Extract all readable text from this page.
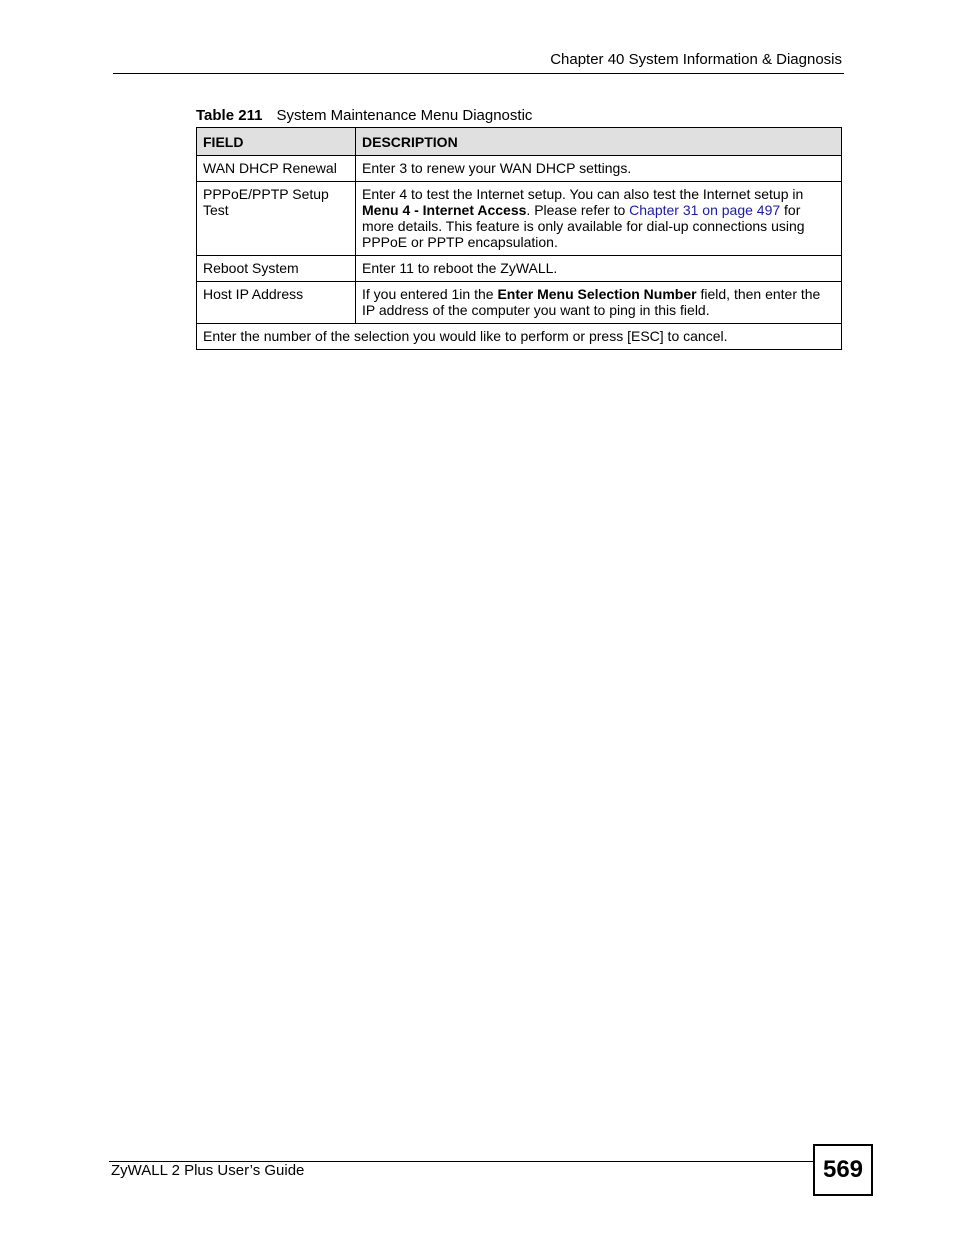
Chapter 40 System Information & Diagnosis
Table 211 System Maintenance Menu Diagnostic
FIELD	DESCRIPTION
WAN DHCP Renewal	Enter 3 to renew your WAN DHCP settings.
PPPoE/PPTP Setup Test	Enter 4 to test the Internet setup. You can also test the Internet setup in Menu 4 - Internet Access. Please refer to Chapter 31 on page 497 for more details. This feature is only available for dial-up connections using PPPoE or PPTP encapsulation.
Reboot System	Enter 11 to reboot the ZyWALL.
Host IP Address	If you entered 1in the Enter Menu Selection Number field, then enter the IP address of the computer you want to ping in this field.
Enter the number of the selection you would like to perform or press [ESC] to cancel.	
ZyWALL 2 Plus User’s Guide	569
